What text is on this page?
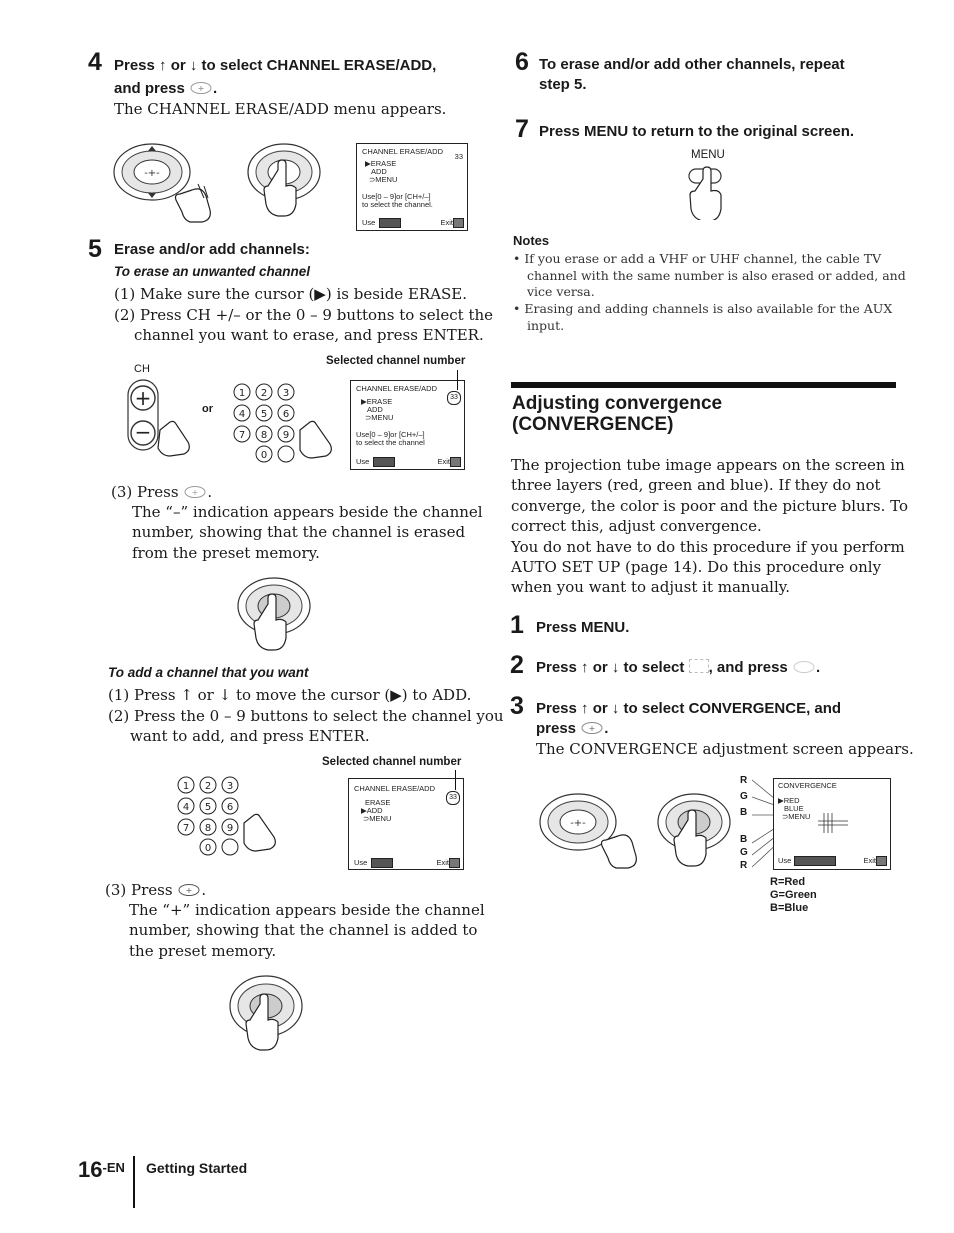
4 Press ↑ or ↓ to select CHANNEL ERASE/ADD,
and press + .
The CHANNEL ERASE/ADD menu appears.
-+-
CHANNEL ERASE/ADD
33
▶ERASE
ADD
⊃MENU
Use[0 – 9]or [CH+/–]
to select the channel.
Use	Exit
5 Erase and/or add channels:
To erase an unwanted channel
(1) Make sure the cursor (▶) is beside ERASE.
(2) Press CH +/– or the 0 – 9 buttons to select the
channel you want to erase, and press ENTER.
Selected channel number
CH
+
−
or
1 2 3
4 5 6
7 8 9
0
CHANNEL ERASE/ADD
33
▶ERASE
ADD
⊃MENU
Use[0 – 9]or [CH+/–]
to select the channel
Use	Exit
(3) Press + .
The “–” indication appears beside the channel
number, showing that the channel is erased
from the preset memory.
To add a channel that you want
(1) Press ↑ or ↓ to move the cursor (▶) to ADD.
(2) Press the 0 – 9 buttons to select the channel you
want to add, and press ENTER.
Selected channel number
1 2 3
4 5 6
7 8 9
0
CHANNEL ERASE/ADD
33
ERASE
▶ADD
⊃MENU
Use	Exit
(3) Press + .
The “+” indication appears beside the channel
number, showing that the channel is added to
the preset memory.
6 To erase and/or add other channels, repeat
step 5.
7 Press MENU to return to the original screen.
MENU
Notes
• If you erase or add a VHF or UHF channel, the cable TV
channel with the same number is also erased or added, and
vice versa.
• Erasing and adding channels is also available for the AUX
input.
Adjusting convergence
(CONVERGENCE)
The projection tube image appears on the screen in
three layers (red, green and blue). If they do not
converge, the color is poor and the picture blurs. To
correct this, adjust convergence.
You do not have to do this procedure if you perform
AUTO SET UP (page 14). Do this procedure only
when you want to adjust it manually.
1 Press MENU.
2 Press ↑ or ↓ to select , and press .
3 Press ↑ or ↓ to select CONVERGENCE, and
press + .
The CONVERGENCE adjustment screen appears.
-+-
R
G
B
B
G
R
CONVERGENCE
▶RED
BLUE
⊃MENU
Use	Exit
R=Red
G=Green
B=Blue
$16^{-EN}$ Getting Started
